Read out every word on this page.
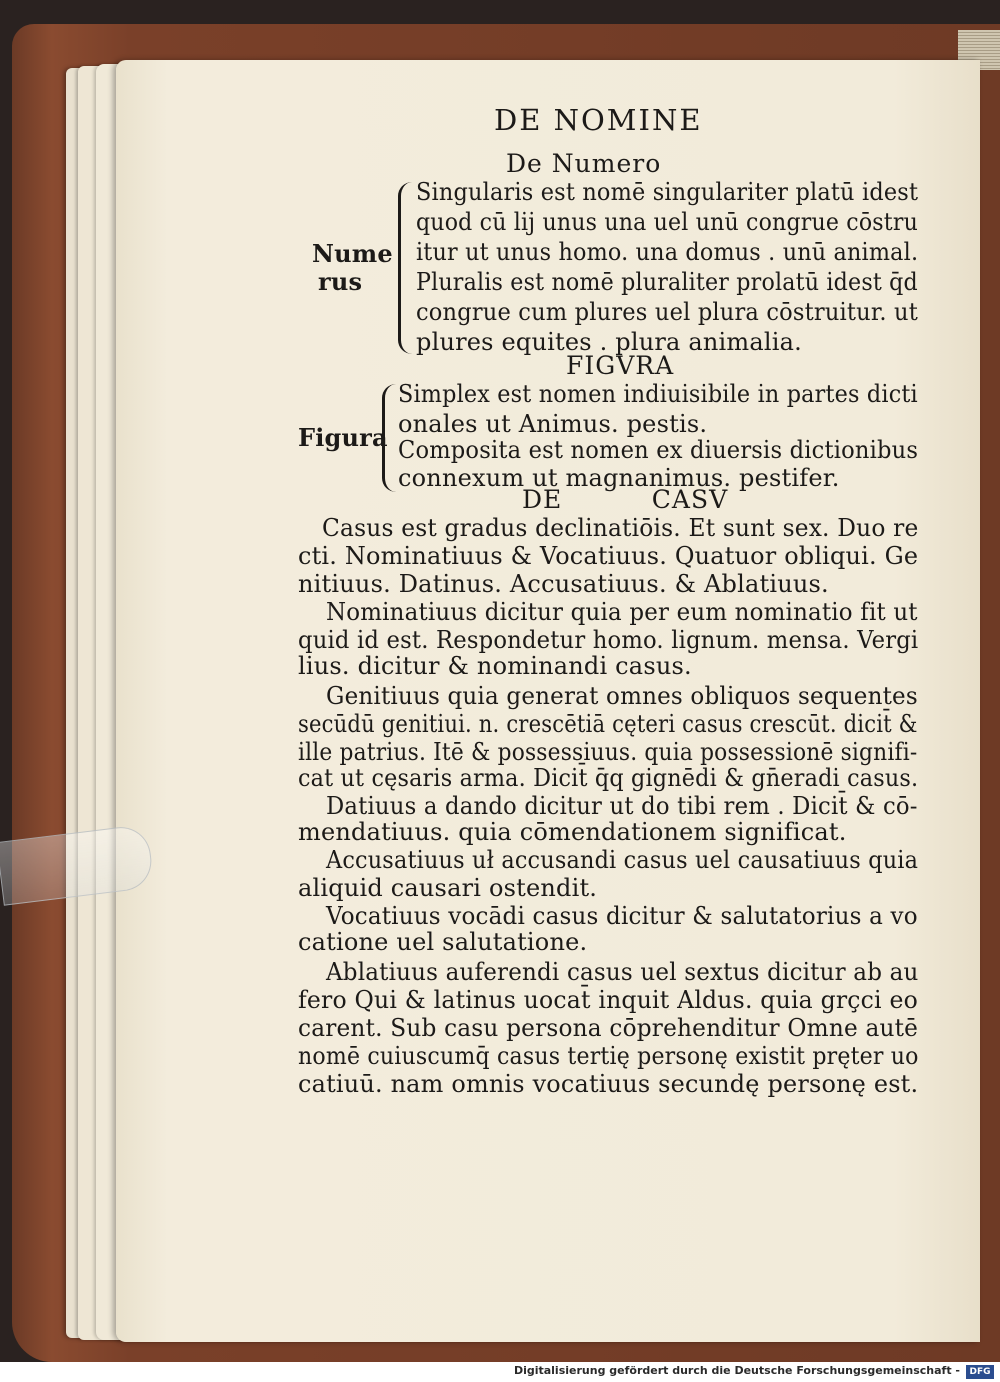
DE NOMINE
De Numero
Nume
rus
Singularis est nomē singulariter platū idest
quod cū lij unus una uel unū congrue cōstru
itur ut unus homo. una domus . unū animal.
Pluralis est nomē pluraliter prolatū idest q̄d
congrue cum plures uel plura cōstruitur. ut
plures equites . plura animalia.
FIGVRA
Figura
Simplex est nomen indiuisibile in partes dicti
onales ut Animus. pestis.
Composita est nomen ex diuersis dictionibus
connexum ut magnanimus. pestifer.
DE          CASV
Casus est gradus declinatiōis. Et sunt sex. Duo re
cti. Nominatiuus & Vocatiuus. Quatuor obliqui. Ge
nitiuus. Datinus. Accusatiuus. & Ablatiuus.
Nominatiuus dicitur quia per eum nominatio fit ut
quid id est. Respondetur homo. lignum. mensa. Vergi
lius. dicitur & nominandi casus.
Genitiuus quia generat omnes obliquos sequentes
secūdū genitiui. n. crescētiā cęteri casus crescūt. dicit̄ &
ille patrius. Itē & possessiuus. quia possessionē signifi-
cat ut cęsaris arma. Dicit̄ q̄q gignēdi & gn̄eradi casus.
Datiuus a dando dicitur ut do tibi rem . Dicit̄ & cō-
mendatiuus. quia cōmendationem significat.
Accusatiuus uł accusandi casus uel causatiuus quia
aliquid causari ostendit.
Vocatiuus vocādi casus dicitur & salutatorius a vo
catione uel salutatione.
Ablatiuus auferendi casus uel sextus dicitur ab au
fero Qui & latinus uocat̄ inquit Aldus. quia grçci eo
carent. Sub casu persona cōprehenditur Omne autē
nomē cuiuscumq̄ casus tertię personę existit pręter uo
catiuū. nam omnis vocatiuus secundę personę est.
Digitalisierung gefördert durch die Deutsche Forschungsgemeinschaft -	DFG
